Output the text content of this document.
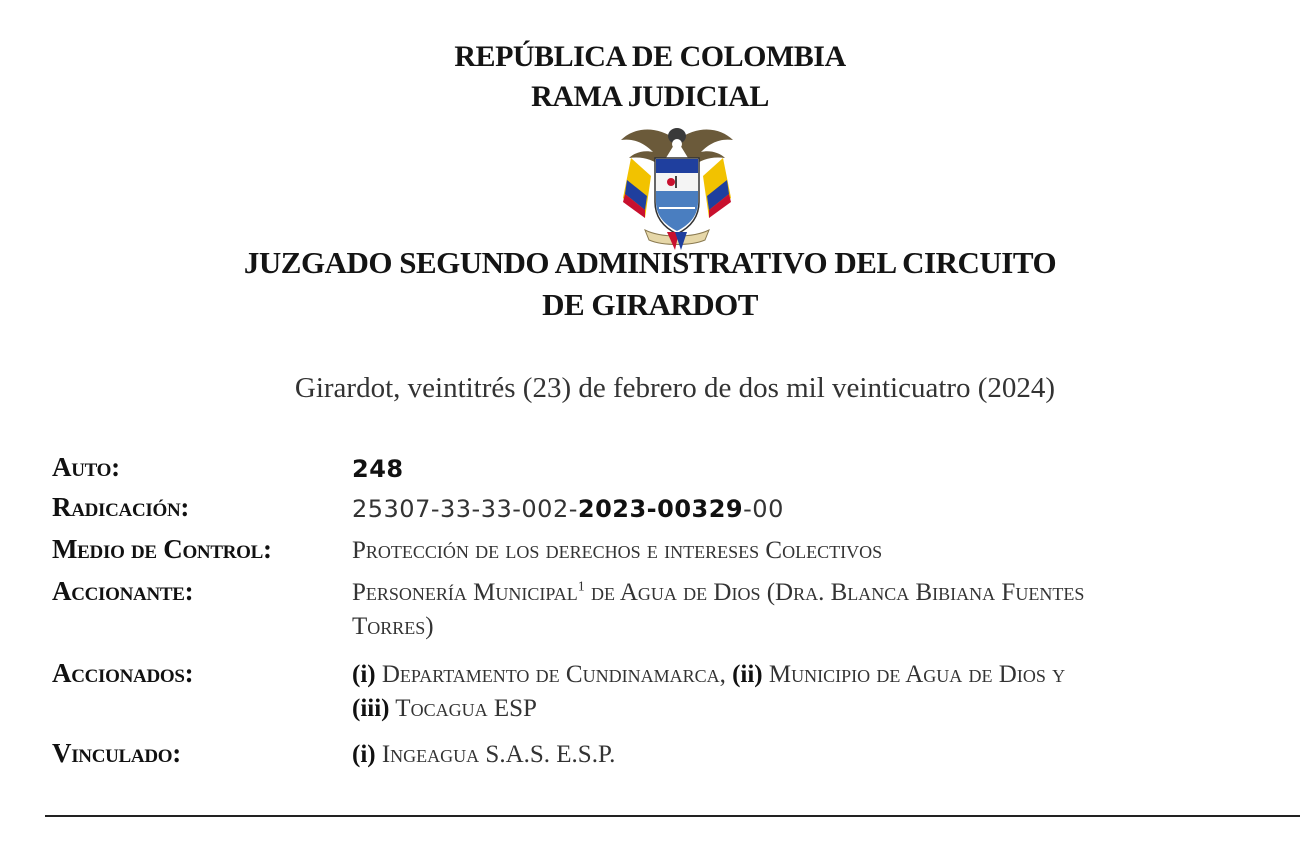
REPÚBLICA DE COLOMBIA
RAMA JUDICIAL
JUZGADO SEGUNDO ADMINISTRATIVO DEL CIRCUITO
DE GIRARDOT
Girardot, veintitrés (23) de febrero de dos mil veinticuatro (2024)
Auto:	248
Radicación:	25307-33-33-002-2023-00329-00
Medio de Control:	Protección de los derechos e intereses Colectivos
Accionante:	Personería Municipal$^1$ de Agua de Dios (Dra. Blanca Bibiana Fuentes
Torres)
Accionados:	(i) Departamento de Cundinamarca, (ii) Municipio de Agua de Dios y
(iii) Tocagua ESP
Vinculado:	(i) Ingeagua S.A.S. E.S.P.
